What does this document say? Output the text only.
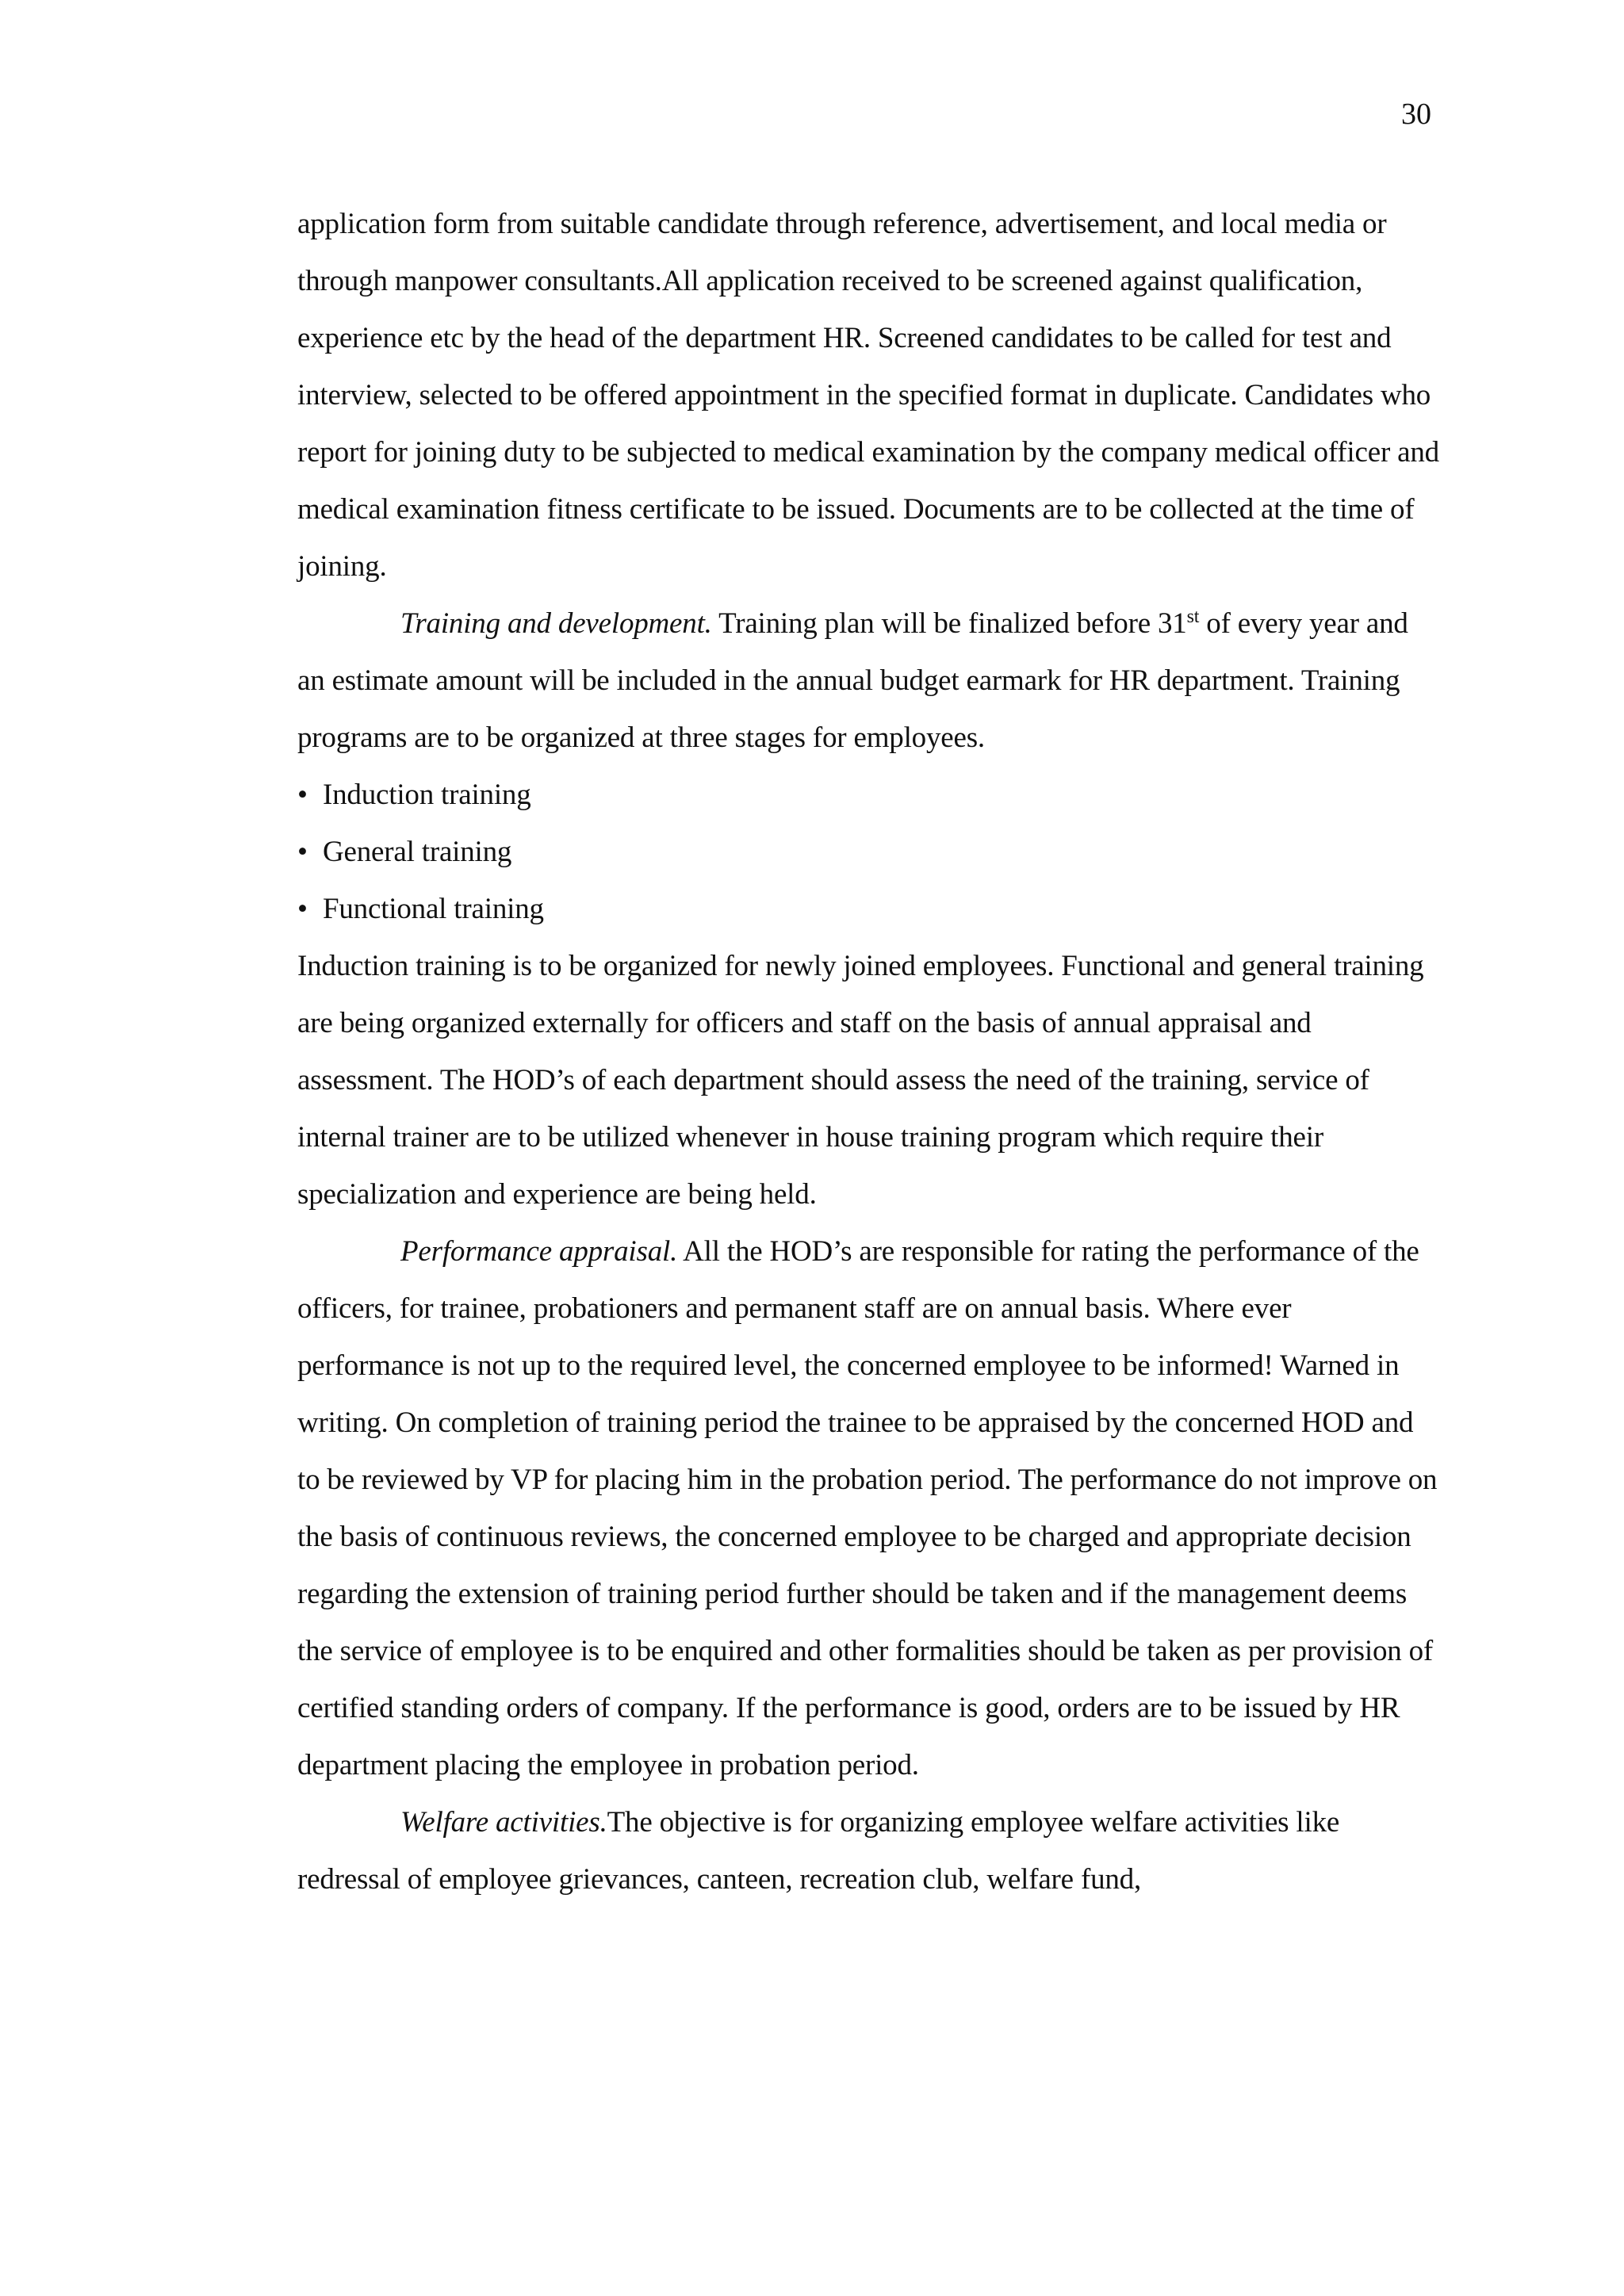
30

application form from suitable candidate through reference, advertisement, and local media or through manpower consultants.All application received to be screened against qualification, experience etc by the head of the department HR. Screened candidates to be called for test and interview, selected to be offered appointment in the specified format in duplicate. Candidates who report for joining duty to be subjected to medical examination by the company medical officer and medical examination fitness certificate to be issued. Documents are to be collected at the time of joining.

Training and development. Training plan will be finalized before 31st of every year and an estimate amount will be included in the annual budget earmark for HR department. Training programs are to be organized at three stages for employees.

• Induction training
• General training
• Functional training

Induction training is to be organized for newly joined employees. Functional and general training are being organized externally for officers and staff on the basis of annual appraisal and assessment. The HOD’s of each department should assess the need of the training, service of internal trainer are to be utilized whenever in house training program which require their specialization and experience are being held.

Performance appraisal. All the HOD’s are responsible for rating the performance of the officers, for trainee, probationers and permanent staff are on annual basis. Where ever performance is not up to the required level, the concerned employee to be informed! Warned in writing. On completion of training period the trainee to be appraised by the concerned HOD and to be reviewed by VP for placing him in the probation period. The performance do not improve on the basis of continuous reviews, the concerned employee to be charged and appropriate decision regarding the extension of training period further should be taken and if the management deems the service of employee is to be enquired and other formalities should be taken as per provision of certified standing orders of company. If the performance is good, orders are to be issued by HR department placing the employee in probation period.

Welfare activities.The objective is for organizing employee welfare activities like redressal of employee grievances, canteen, recreation club, welfare fund,
